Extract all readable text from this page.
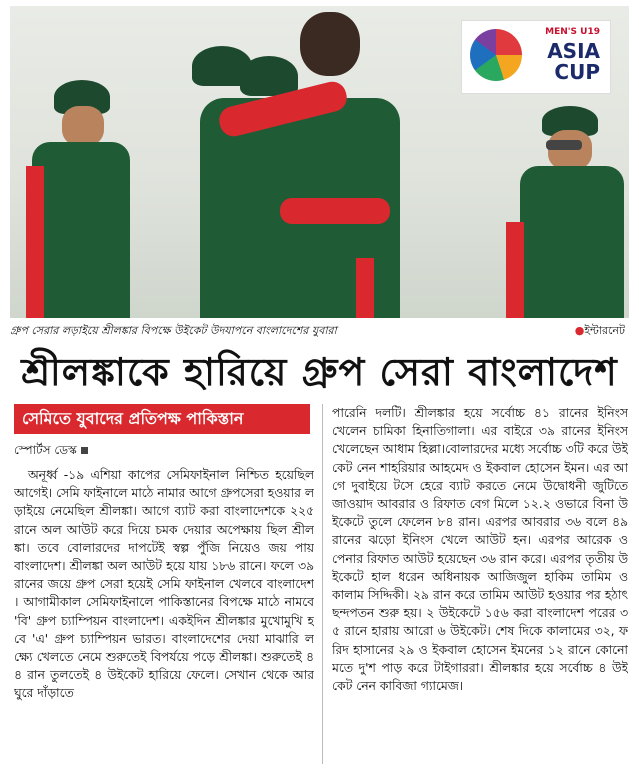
MEN'S U19
ASIA
CUP
গ্রুপ সেরার লড়াইয়ে শ্রীলঙ্কার বিপক্ষে উইকেট উদযাপনে বাংলাদেশের যুবারা	●ইন্টারনেট
শ্রীলঙ্কাকে হারিয়ে গ্রুপ সেরা বাংলাদেশ
সেমিতে যুবাদের প্রতিপক্ষ পাকিস্তান
স্পোর্টস ডেস্ক
অনূর্ধ্ব -১৯ এশিয়া কাপের সেমিফাইনাল নিশ্চিত হয়েছিল আগেই। সেমি ফাইনালে মাঠে নামার আগে গ্রুপসেরা হওয়ার লড়াইয়ে নেমেছিল শ্রীলঙ্কা। আগে ব্যাট করা বাংলাদেশকে ২২৫ রানে অল আউট করে দিয়ে চমক দেয়ার অপেক্ষায় ছিল শ্রীলঙ্কা। তবে বোলারদের দাপটেই স্বল্প পুঁজি নিয়েও জয় পায় বাংলাদেশ। শ্রীলঙ্কা অল আউট হয়ে যায় ১৮৬ রানে। ফলে ৩৯ রানের জয়ে গ্রুপ সেরা হয়েই সেমি ফাইনাল খেলবে বাংলাদেশ। আগামীকাল সেমিফাইনালে পাকিস্তানের বিপক্ষে মাঠে নামবে 'বি' গ্রুপ চ্যাম্পিয়ন বাংলাদেশ। একইদিন শ্রীলঙ্কার মুখোমুখি হবে 'এ' গ্রুপ চ্যাম্পিয়ন ভারত। বাংলাদেশের দেয়া মাঝারি লক্ষ্যে খেলতে নেমে শুরুতেই বিপর্যয়ে পড়ে শ্রীলঙ্কা। শুরুতেই ৪৪ রান তুলতেই ৪ উইকেট হারিয়ে ফেলে। সেখান থেকে আর ঘুরে দাঁড়াতে
পারেনি দলটি। শ্রীলঙ্কার হয়ে সর্বোচ্চ ৪১ রানের ইনিংস খেলেন চামিকা হিনাতিগালা। এর বাইরে ৩৯ রানের ইনিংস খেলেছেন আধাম হিল্লা।বোলারদের মধ্যে সর্বোচ্চ ৩টি করে উইকেট নেন শাহরিয়ার আহমেদ ও ইকবাল হোসেন ইমন। এর আগে দুবাইয়ে টসে হেরে ব্যাট করতে নেমে উদ্বোধনী জুটিতে জাওয়াদ আবরার ও রিফাত বেগ মিলে ১২.২ ওভারে বিনা উইকেটে তুলে ফেলেন ৮৪ রান। এরপর আবরার ৩৬ বলে ৪৯ রানের ঝড়ো ইনিংস খেলে আউট হন। এরপর আরেক ওপেনার রিফাত আউট হয়েছেন ৩৬ রান করে। এরপর তৃতীয় উইকেটে হাল ধরেন অধিনায়ক আজিজুল হাকিম তামিম ও কালাম সিদ্দিকী। ২৯ রান করে তামিম আউট হওয়ার পর হঠাৎ ছন্দপতন শুরু হয়। ২ উইকেটে ১৫৬ করা বাংলাদেশ পরের ৩৫ রানে হারায় আরো ৬ উইকেট। শেষ দিকে কালামের ৩২, ফরিদ হাসানের ২৯ ও ইকবাল হোসেন ইমনের ১২ রানে কোনো মতে দু'শ পাড় করে টাইগাররা। শ্রীলঙ্কার হয়ে সর্বোচ্চ ৪ উইকেট নেন কাবিজা গ্যামেজ।
